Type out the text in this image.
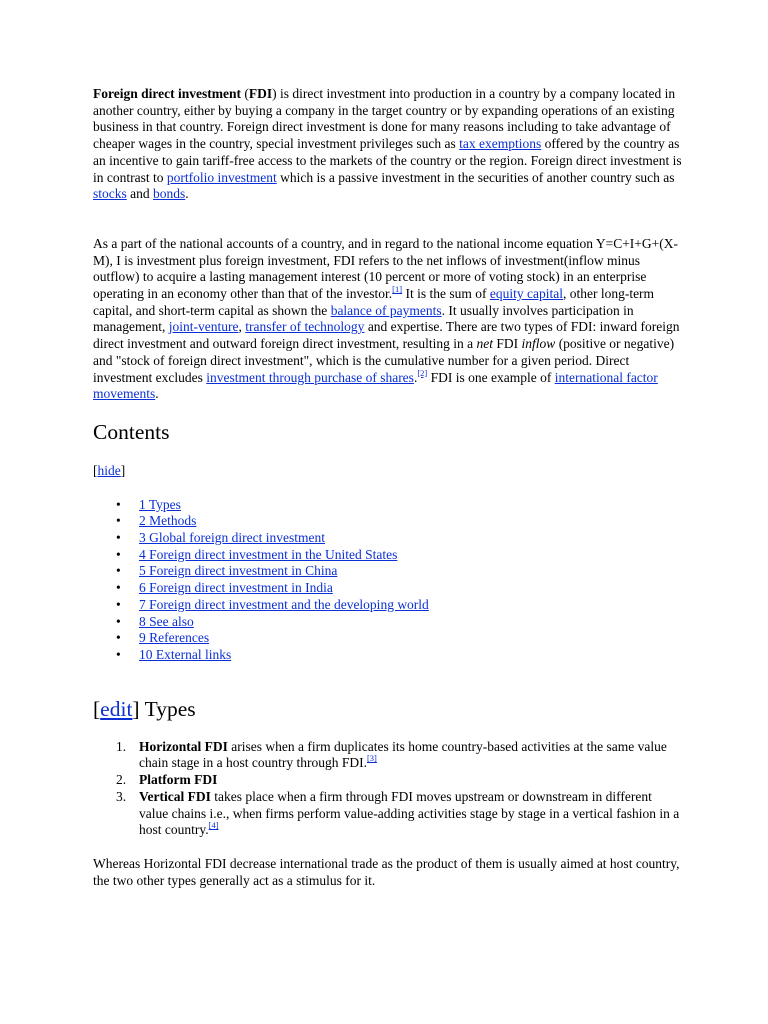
Foreign direct investment (FDI) is direct investment into production in a country by a company located in another country, either by buying a company in the target country or by expanding operations of an existing business in that country. Foreign direct investment is done for many reasons including to take advantage of cheaper wages in the country, special investment privileges such as tax exemptions offered by the country as an incentive to gain tariff-free access to the markets of the country or the region. Foreign direct investment is in contrast to portfolio investment which is a passive investment in the securities of another country such as stocks and bonds.

As a part of the national accounts of a country, and in regard to the national income equation Y=C+I+G+(X-M), I is investment plus foreign investment, FDI refers to the net inflows of investment(inflow minus outflow) to acquire a lasting management interest (10 percent or more of voting stock) in an enterprise operating in an economy other than that of the investor.[1] It is the sum of equity capital, other long-term capital, and short-term capital as shown the balance of payments. It usually involves participation in management, joint-venture, transfer of technology and expertise. There are two types of FDI: inward foreign direct investment and outward foreign direct investment, resulting in a net FDI inflow (positive or negative) and "stock of foreign direct investment", which is the cumulative number for a given period. Direct investment excludes investment through purchase of shares.[2] FDI is one example of international factor movements.

Contents

[hide]

• 1 Types
• 2 Methods
• 3 Global foreign direct investment
• 4 Foreign direct investment in the United States
• 5 Foreign direct investment in China
• 6 Foreign direct investment in India
• 7 Foreign direct investment and the developing world
• 8 See also
• 9 References
• 10 External links
[edit] Types
1. Horizontal FDI arises when a firm duplicates its home country-based activities at the same value chain stage in a host country through FDI.[3]
2. Platform FDI
3. Vertical FDI takes place when a firm through FDI moves upstream or downstream in different value chains i.e., when firms perform value-adding activities stage by stage in a vertical fashion in a host country.[4]

Whereas Horizontal FDI decrease international trade as the product of them is usually aimed at host country, the two other types generally act as a stimulus for it.
